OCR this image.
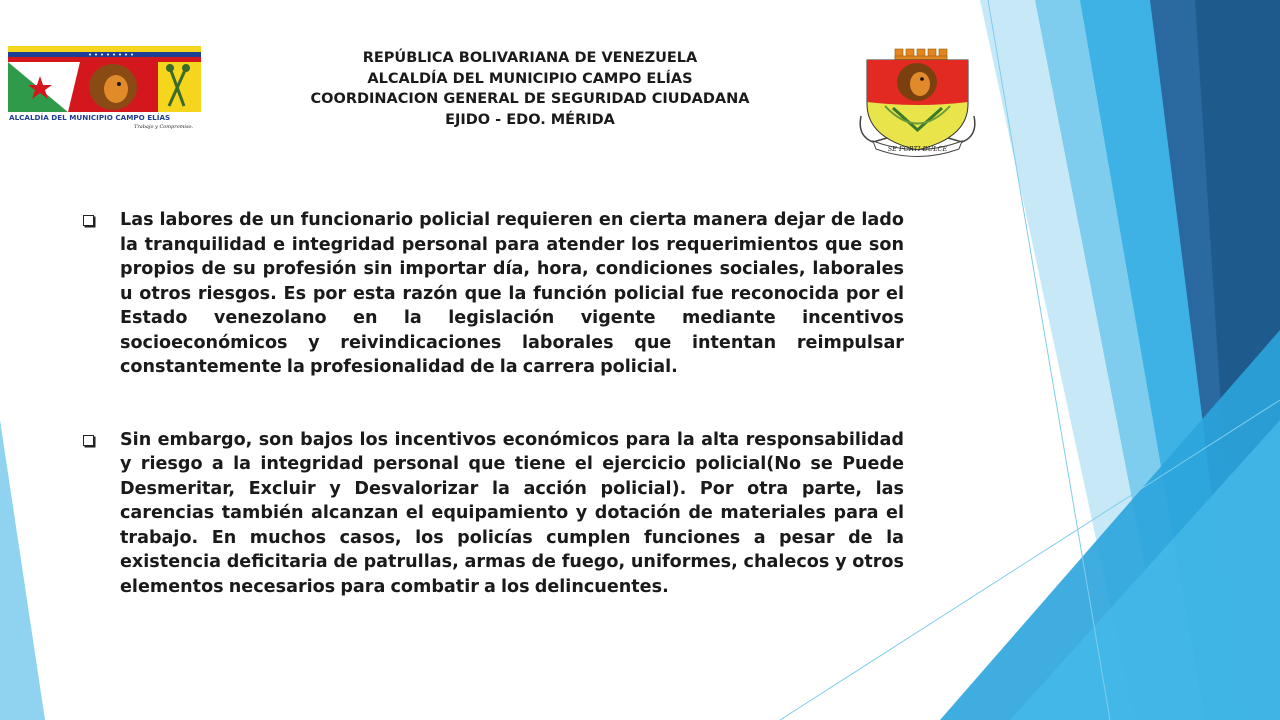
ALCALDÍA DEL MUNICIPIO CAMPO ELÍAS
Trabajo y Compromiso.
REPÚBLICA BOLIVARIANA DE VENEZUELA
ALCALDÍA DEL MUNICIPIO CAMPO ELÍAS
COORDINACION GENERAL DE SEGURIDAD CIUDADANA
EJIDO - EDO. MÉRIDA
SE FORTI DULCE
Las labores de un funcionario policial requieren en cierta manera dejar de lado la tranquilidad e integridad personal para atender los requerimientos que son propios de su profesión sin importar día, hora, condiciones sociales, laborales u otros riesgos. Es por esta razón que la función policial fue reconocida por el Estado venezolano en la legislación vigente mediante incentivos socioeconómicos y reivindicaciones laborales que intentan reimpulsar constantemente la profesionalidad de la carrera policial.
Sin embargo, son bajos los incentivos económicos para la alta responsabilidad y riesgo a la integridad personal que tiene el ejercicio policial(No se Puede Desmeritar, Excluir y Desvalorizar la acción policial). Por otra parte, las carencias también alcanzan el equipamiento y dotación de materiales para el trabajo. En muchos casos, los policías cumplen funciones a pesar de la existencia deficitaria de patrullas, armas de fuego, uniformes, chalecos y otros elementos necesarios para combatir a los delincuentes.
